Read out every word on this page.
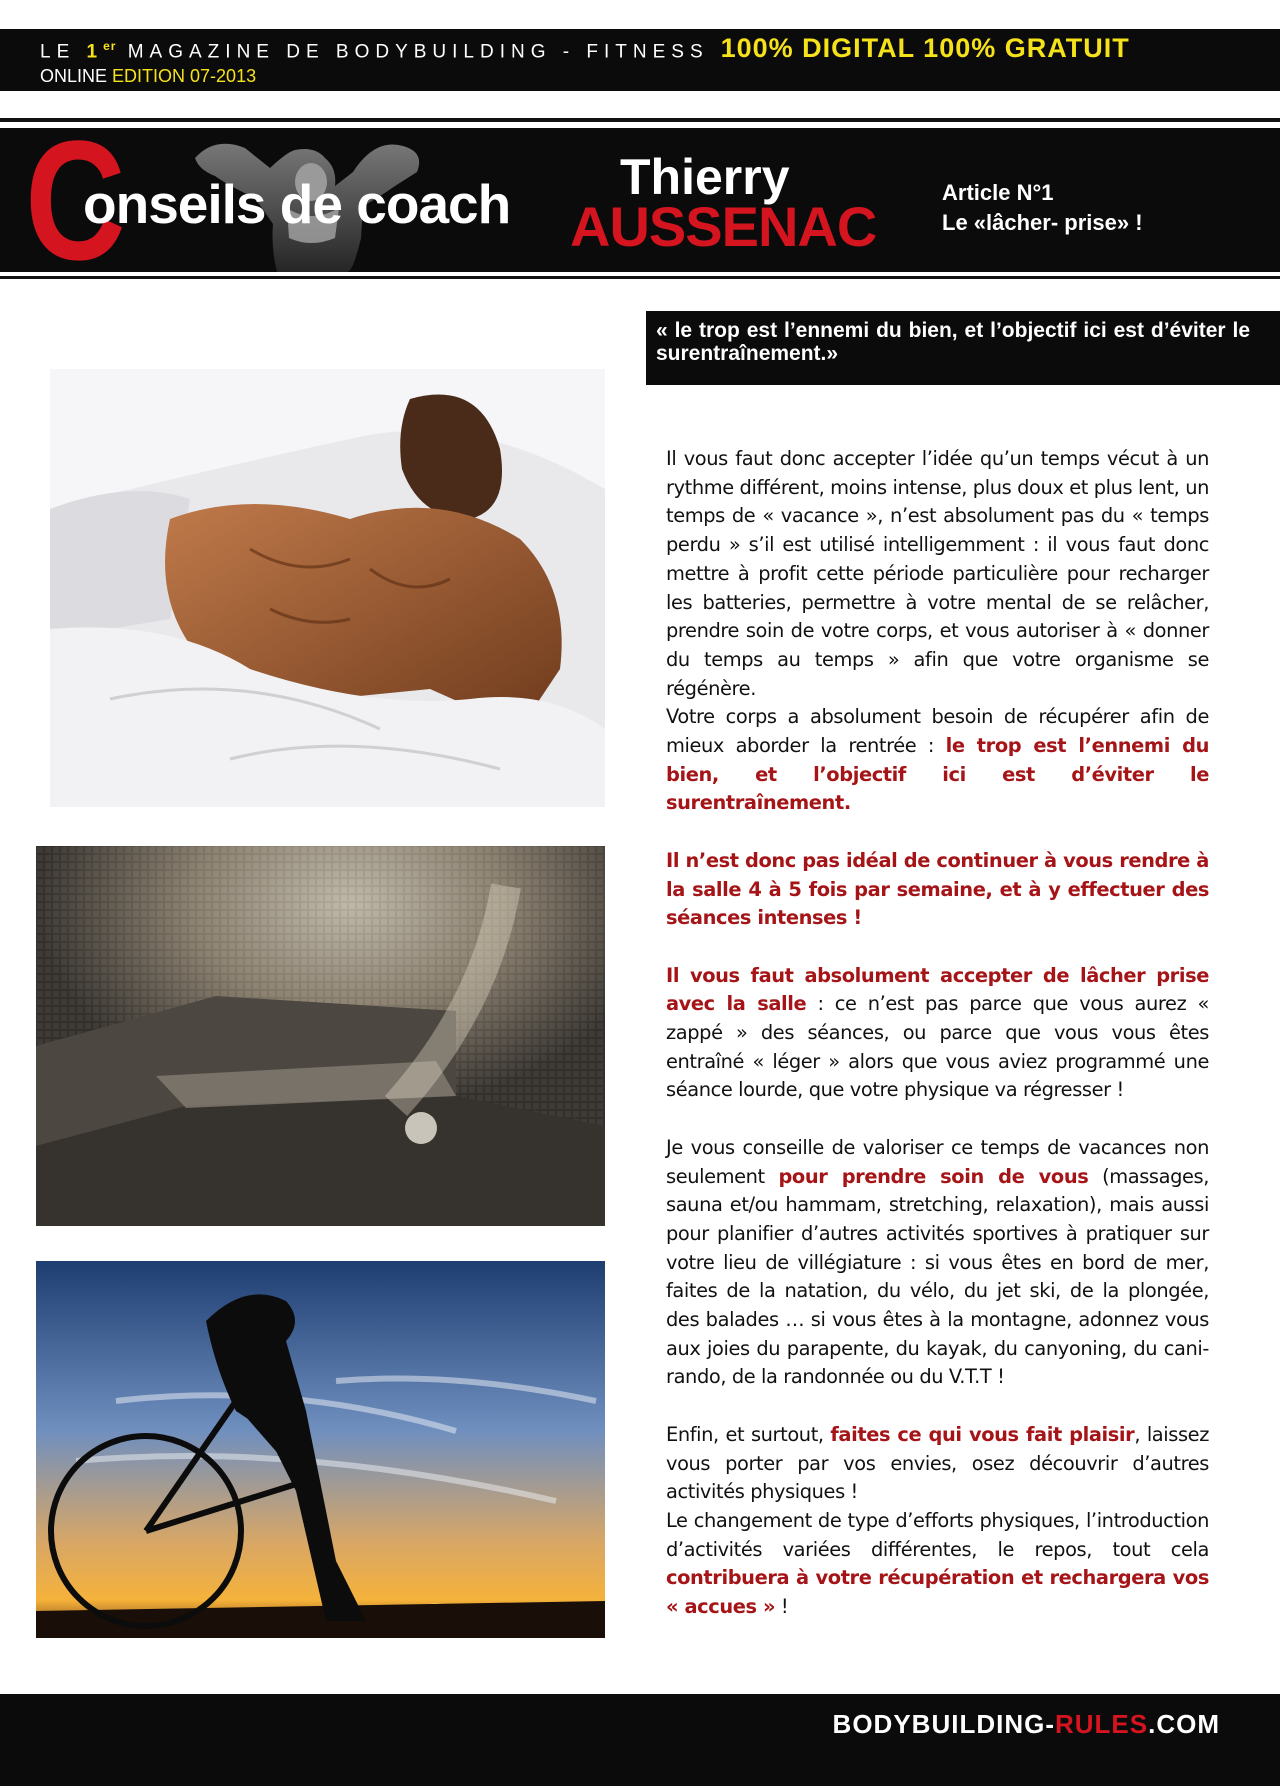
LE 1er MAGAZINE DE BODYBUILDING - FITNESS 100% DIGITAL 100% GRATUIT
ONLINE EDITION 07-2013
C
onseils de coach Thierry
AUSSENAC
Article N°1
Le «lâcher- prise» !
« le trop est l’ennemi du bien, et l’objectif ici est d’éviter le surentraînement.»

Il vous faut donc accepter l’idée qu’un temps vécut à un rythme différent, moins intense, plus doux et plus lent, un temps de « vacance », n’est absolument pas du « temps perdu » s’il est utilisé intelligemment : il vous faut donc mettre à profit cette période particulière pour recharger les batteries, permettre à votre mental de se relâcher, prendre soin de votre corps, et vous autoriser à « donner du temps au temps » afin que votre organisme se régénère.

Votre corps a absolument besoin de récupérer afin de mieux aborder la rentrée : le trop est l’ennemi du bien, et l’objectif ici est d’éviter le surentraînement.

Il n’est donc pas idéal de continuer à vous rendre à la salle 4 à 5 fois par semaine, et à y effectuer des séances intenses !

Il vous faut absolument accepter de lâcher prise avec la salle : ce n’est pas parce que vous aurez « zappé » des séances, ou parce que vous vous êtes entraîné « léger » alors que vous aviez programmé une séance lourde, que votre physique va régresser !

Je vous conseille de valoriser ce temps de vacances non seulement pour prendre soin de vous (massages, sauna et/ou hammam, stretching, relaxation), mais aussi pour planifier d’autres activités sportives à pratiquer sur votre lieu de villégiature : si vous êtes en bord de mer, faites de la natation, du vélo, du jet ski, de la plongée, des balades … si vous êtes à la montagne, adonnez vous aux joies du parapente, du kayak, du canyoning, du cani-rando, de la randonnée ou du V.T.T !

Enfin, et surtout, faites ce qui vous fait plaisir, laissez vous porter par vos envies, osez découvrir d’autres activités physiques !

Le changement de type d’efforts physiques, l’introduction d’activités variées différentes, le repos, tout cela contribuera à votre récupération et rechargera vos « accues » !

BODYBUILDING-RULES.COM
